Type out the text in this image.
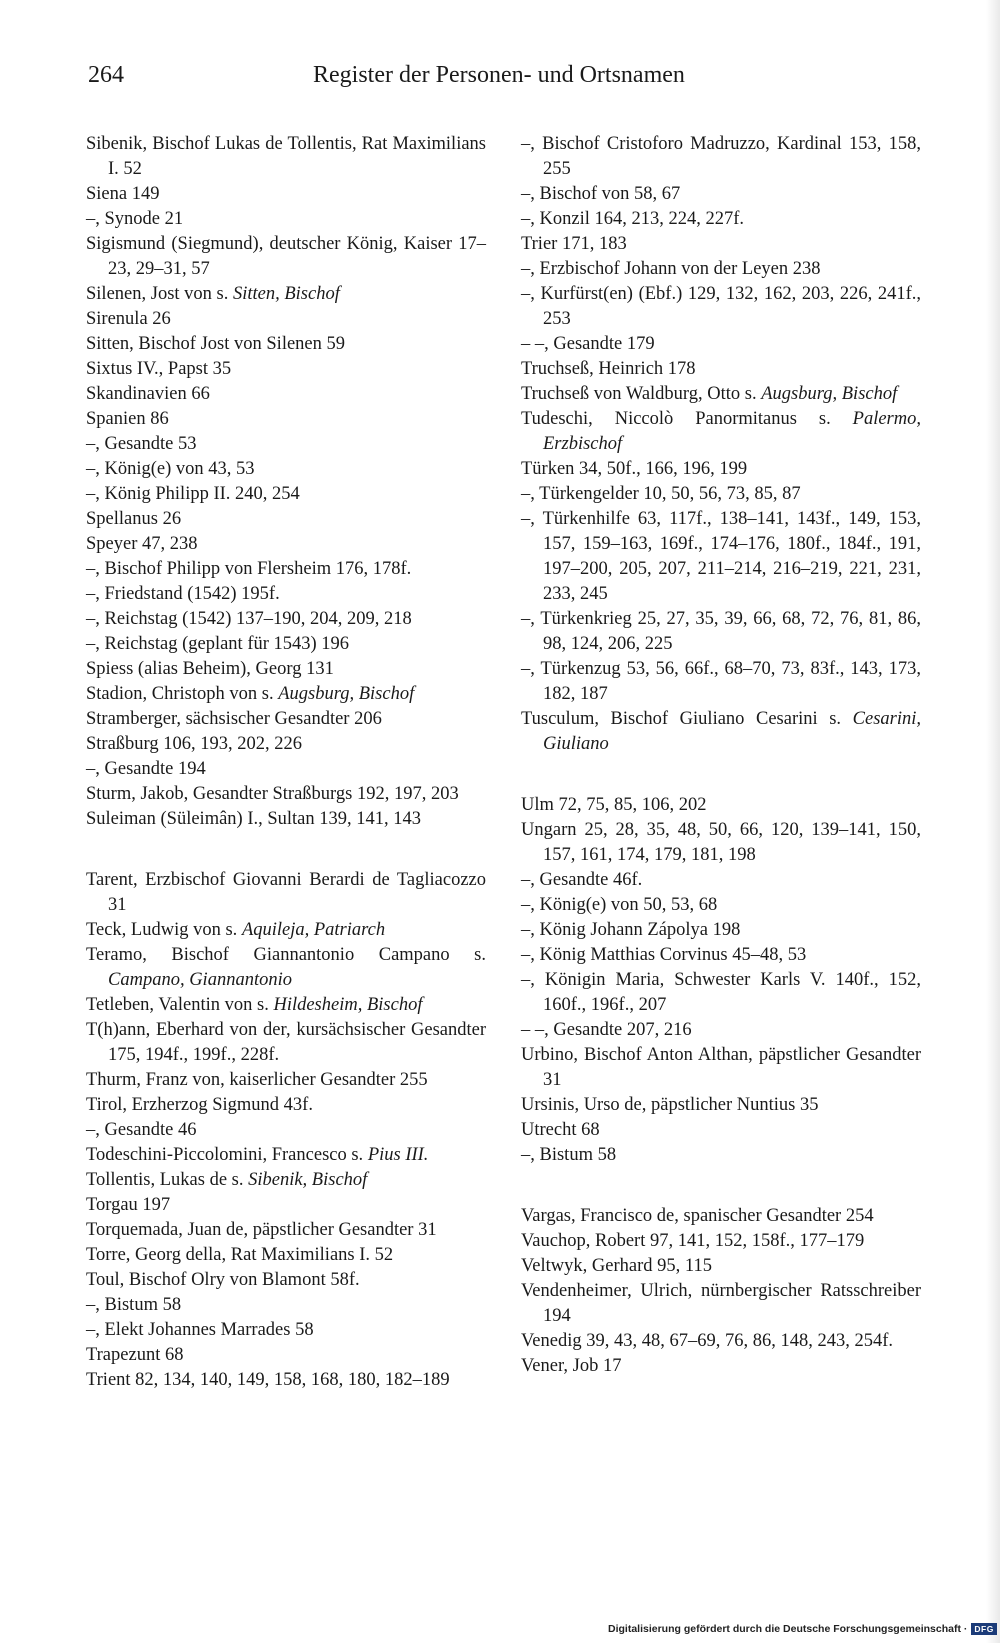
264	Register der Personen- und Ortsnamen
Sibenik, Bischof Lukas de Tollentis, Rat Maximilians I. 52
Siena 149
–, Synode 21
Sigismund (Siegmund), deutscher König, Kaiser 17–23, 29–31, 57
Silenen, Jost von s. Sitten, Bischof
Sirenula 26
Sitten, Bischof Jost von Silenen 59
Sixtus IV., Papst 35
Skandinavien 66
Spanien 86
–, Gesandte 53
–, König(e) von 43, 53
–, König Philipp II. 240, 254
Spellanus 26
Speyer 47, 238
–, Bischof Philipp von Flersheim 176, 178f.
–, Friedstand (1542) 195f.
–, Reichstag (1542) 137–190, 204, 209, 218
–, Reichstag (geplant für 1543) 196
Spiess (alias Beheim), Georg 131
Stadion, Christoph von s. Augsburg, Bischof
Stramberger, sächsischer Gesandter 206
Straßburg 106, 193, 202, 226
–, Gesandte 194
Sturm, Jakob, Gesandter Straßburgs 192, 197, 203
Suleiman (Süleimân) I., Sultan 139, 141, 143
Tarent, Erzbischof Giovanni Berardi de Tagliacozzo 31
Teck, Ludwig von s. Aquileja, Patriarch
Teramo, Bischof Giannantonio Campano s. Campano, Giannantonio
Tetleben, Valentin von s. Hildesheim, Bischof
T(h)ann, Eberhard von der, kursächsischer Gesandter 175, 194f., 199f., 228f.
Thurm, Franz von, kaiserlicher Gesandter 255
Tirol, Erzherzog Sigmund 43f.
–, Gesandte 46
Todeschini-Piccolomini, Francesco s. Pius III.
Tollentis, Lukas de s. Sibenik, Bischof
Torgau 197
Torquemada, Juan de, päpstlicher Gesandter 31
Torre, Georg della, Rat Maximilians I. 52
Toul, Bischof Olry von Blamont 58f.
–, Bistum 58
–, Elekt Johannes Marrades 58
Trapezunt 68
Trient 82, 134, 140, 149, 158, 168, 180, 182–189
–, Bischof Cristoforo Madruzzo, Kardinal 153, 158, 255
–, Bischof von 58, 67
–, Konzil 164, 213, 224, 227f.
Trier 171, 183
–, Erzbischof Johann von der Leyen 238
–, Kurfürst(en) (Ebf.) 129, 132, 162, 203, 226, 241f., 253
– –, Gesandte 179
Truchseß, Heinrich 178
Truchseß von Waldburg, Otto s. Augsburg, Bischof
Tudeschi, Niccolò Panormitanus s. Palermo, Erzbischof
Türken 34, 50f., 166, 196, 199
–, Türkengelder 10, 50, 56, 73, 85, 87
–, Türkenhilfe 63, 117f., 138–141, 143f., 149, 153, 157, 159–163, 169f., 174–176, 180f., 184f., 191, 197–200, 205, 207, 211–214, 216–219, 221, 231, 233, 245
–, Türkenkrieg 25, 27, 35, 39, 66, 68, 72, 76, 81, 86, 98, 124, 206, 225
–, Türkenzug 53, 56, 66f., 68–70, 73, 83f., 143, 173, 182, 187
Tusculum, Bischof Giuliano Cesarini s. Cesarini, Giuliano
Ulm 72, 75, 85, 106, 202
Ungarn 25, 28, 35, 48, 50, 66, 120, 139–141, 150, 157, 161, 174, 179, 181, 198
–, Gesandte 46f.
–, König(e) von 50, 53, 68
–, König Johann Zápolya 198
–, König Matthias Corvinus 45–48, 53
–, Königin Maria, Schwester Karls V. 140f., 152, 160f., 196f., 207
– –, Gesandte 207, 216
Urbino, Bischof Anton Althan, päpstlicher Gesandter 31
Ursinis, Urso de, päpstlicher Nuntius 35
Utrecht 68
–, Bistum 58
Vargas, Francisco de, spanischer Gesandter 254
Vauchop, Robert 97, 141, 152, 158f., 177–179
Veltwyk, Gerhard 95, 115
Vendenheimer, Ulrich, nürnbergischer Ratsschreiber 194
Venedig 39, 43, 48, 67–69, 76, 86, 148, 243, 254f.
Vener, Job 17
Digitalisierung gefördert durch die Deutsche Forschungsgemeinschaft · DFG
